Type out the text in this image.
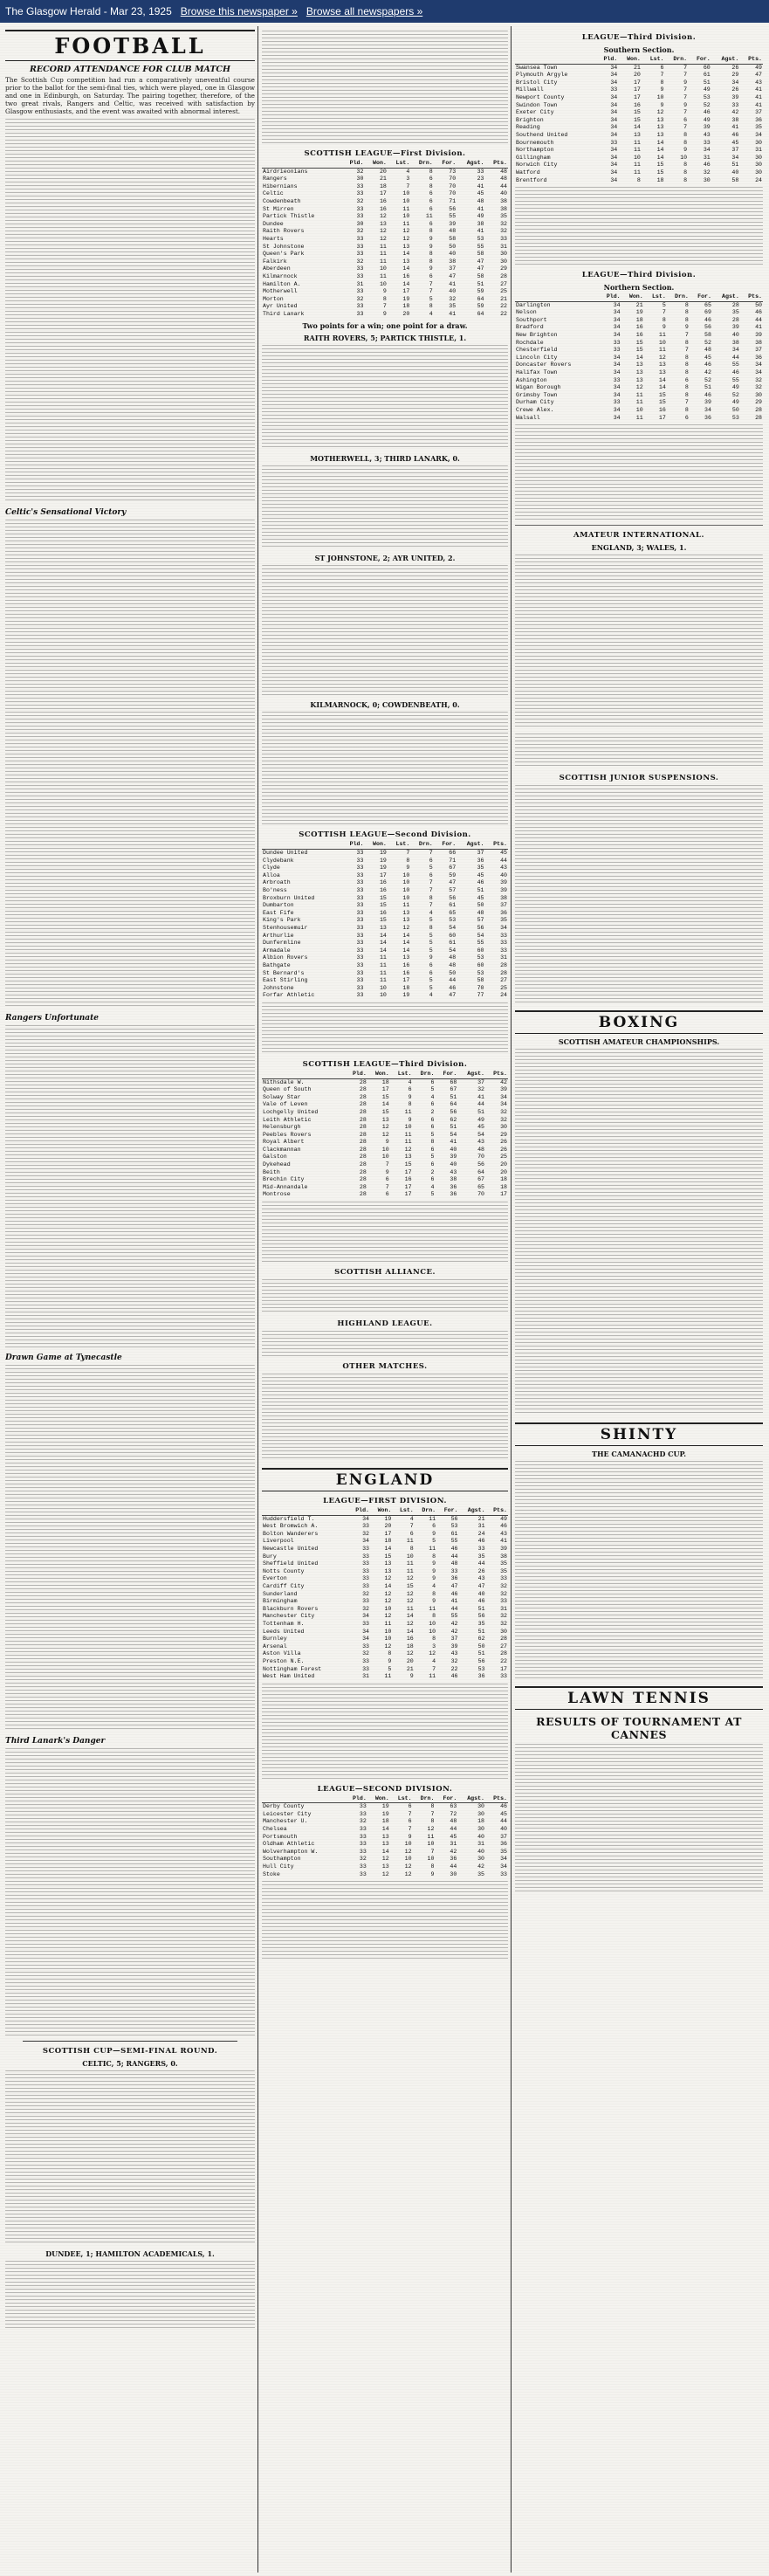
The Glasgow Herald - Mar 23, 1925 Browse this newspaper » Browse all newspapers »
FOOTBALL
RECORD ATTENDANCE FOR CLUB MATCH
The Scottish Cup competition had run a comparatively uneventful course prior to the ballot for the semi-final ties, which were played, one in Glasgow and one in Edinburgh, on Saturday. The pairing together, therefore, of the two great rivals, Rangers and Celtic, was received with satisfaction by Glasgow enthusiasts, and the event was awaited with abnormal interest.
Celtic's Sensational Victory
Rangers Unfortunate
Drawn Game at Tynecastle
Third Lanark's Danger
SCOTTISH CUP—SEMI-FINAL ROUND.
CELTIC, 5; RANGERS, 0.
DUNDEE, 1; HAMILTON ACADEMICALS, 1.
SCOTTISH LEAGUE—First Division.
	Pld.	Won.	Lst.	Drn.	For.	Agst.	Pts.
Airdrieonians	32	20	4	8	73	33	48
Rangers	30	21	3	6	70	23	48
Hibernians	33	18	7	8	70	41	44
Celtic	33	17	10	6	70	45	40
Cowdenbeath	32	16	10	6	71	48	38
St Mirren	33	16	11	6	56	41	38
Partick Thistle	33	12	10	11	55	49	35
Dundee	30	13	11	6	39	38	32
Raith Rovers	32	12	12	8	48	41	32
Hearts	33	12	12	9	58	53	33
St Johnstone	33	11	13	9	50	55	31
Queen's Park	33	11	14	8	40	58	30
Falkirk	32	11	13	8	38	47	30
Aberdeen	33	10	14	9	37	47	29
Kilmarnock	33	11	16	6	47	58	28
Hamilton A.	31	10	14	7	41	51	27
Motherwell	33	9	17	7	40	59	25
Morton	32	8	19	5	32	64	21
Ayr United	33	7	18	8	35	59	22
Third Lanark	33	9	20	4	41	64	22
Two points for a win; one point for a draw.
RAITH ROVERS, 5; PARTICK THISTLE, 1.
MOTHERWELL, 3; THIRD LANARK, 0.
ST JOHNSTONE, 2; AYR UNITED, 2.
KILMARNOCK, 0; COWDENBEATH, 0.
SCOTTISH LEAGUE—Second Division.
	Pld.	Won.	Lst.	Drn.	For.	Agst.	Pts.
Dundee United	33	19	7	7	66	37	45
Clydebank	33	19	8	6	71	36	44
Clyde	33	19	9	5	67	35	43
Alloa	33	17	10	6	59	45	40
Arbroath	33	16	10	7	47	46	39
Bo'ness	33	16	10	7	57	51	39
Broxburn United	33	15	10	8	56	45	38
Dumbarton	33	15	11	7	61	50	37
East Fife	33	16	13	4	65	48	36
King's Park	33	15	13	5	53	57	35
Stenhousemuir	33	13	12	8	54	56	34
Arthurlie	33	14	14	5	60	54	33
Dunfermline	33	14	14	5	61	55	33
Armadale	33	14	14	5	54	60	33
Albion Rovers	33	11	13	9	48	53	31
Bathgate	33	11	16	6	48	60	28
St Bernard's	33	11	16	6	50	53	28
East Stirling	33	11	17	5	44	58	27
Johnstone	33	10	18	5	46	70	25
Forfar Athletic	33	10	19	4	47	77	24
SCOTTISH LEAGUE—Third Division.
	Pld.	Won.	Lst.	Drn.	For.	Agst.	Pts.
Nithsdale W.	28	18	4	6	68	37	42
Queen of South	28	17	6	5	67	32	39
Solway Star	28	15	9	4	51	41	34
Vale of Leven	28	14	8	6	64	44	34
Lochgelly United	28	15	11	2	56	51	32
Leith Athletic	28	13	9	6	62	49	32
Helensburgh	28	12	10	6	51	45	30
Peebles Rovers	28	12	11	5	54	54	29
Royal Albert	28	9	11	8	41	43	26
Clackmannan	28	10	12	6	40	48	26
Galston	28	10	13	5	39	70	25
Dykehead	28	7	15	6	40	56	20
Beith	28	9	17	2	43	64	20
Brechin City	28	6	16	6	38	67	18
Mid-Annandale	28	7	17	4	36	65	18
Montrose	28	6	17	5	36	70	17
SCOTTISH ALLIANCE.
HIGHLAND LEAGUE.
OTHER MATCHES.
ENGLAND
LEAGUE—FIRST DIVISION.
	Pld.	Won.	Lst.	Drn.	For.	Agst.	Pts.
Huddersfield T.	34	19	4	11	56	21	49
West Bromwich A.	33	20	7	6	53	31	46
Bolton Wanderers	32	17	6	9	61	24	43
Liverpool	34	18	11	5	55	46	41
Newcastle United	33	14	8	11	46	33	39
Bury	33	15	10	8	44	35	38
Sheffield United	33	13	11	9	48	44	35
Notts County	33	13	11	9	33	26	35
Everton	33	12	12	9	36	43	33
Cardiff City	33	14	15	4	47	47	32
Sunderland	32	12	12	8	46	40	32
Birmingham	33	12	12	9	41	46	33
Blackburn Rovers	32	10	11	11	44	51	31
Manchester City	34	12	14	8	55	56	32
Tottenham H.	33	11	12	10	42	35	32
Leeds United	34	10	14	10	42	51	30
Burnley	34	10	16	8	37	62	28
Arsenal	33	12	18	3	39	50	27
Aston Villa	32	8	12	12	43	51	28
Preston N.E.	33	9	20	4	32	56	22
Nottingham Forest	33	5	21	7	22	53	17
West Ham United	31	11	9	11	46	36	33
LEAGUE—SECOND DIVISION.
	Pld.	Won.	Lst.	Drn.	For.	Agst.	Pts.
Derby County	33	19	6	8	63	30	46
Leicester City	33	19	7	7	72	30	45
Manchester U.	32	18	6	8	48	18	44
Chelsea	33	14	7	12	44	30	40
Portsmouth	33	13	9	11	45	40	37
Oldham Athletic	33	13	10	10	31	31	36
Wolverhampton W.	33	14	12	7	42	40	35
Southampton	32	12	10	10	36	30	34
Hull City	33	13	12	8	44	42	34
Stoke	33	12	12	9	30	35	33
LEAGUE—Third Division.
Southern Section.
	Pld.	Won.	Lst.	Drn.	For.	Agst.	Pts.
Swansea Town	34	21	6	7	60	26	49
Plymouth Argyle	34	20	7	7	61	29	47
Bristol City	34	17	8	9	51	34	43
Millwall	33	17	9	7	49	26	41
Newport County	34	17	10	7	53	39	41
Swindon Town	34	16	9	9	52	33	41
Exeter City	34	15	12	7	46	42	37
Brighton	34	15	13	6	49	38	36
Reading	34	14	13	7	39	41	35
Southend United	34	13	13	8	43	46	34
Bournemouth	33	11	14	8	33	45	30
Northampton	34	11	14	9	34	37	31
Gillingham	34	10	14	10	31	34	30
Norwich City	34	11	15	8	46	51	30
Watford	34	11	15	8	32	40	30
Brentford	34	8	18	8	30	58	24
LEAGUE—Third Division.
Northern Section.
	Pld.	Won.	Lst.	Drn.	For.	Agst.	Pts.
Darlington	34	21	5	8	65	28	50
Nelson	34	19	7	8	69	35	46
Southport	34	18	8	8	46	28	44
Bradford	34	16	9	9	56	39	41
New Brighton	34	16	11	7	58	40	39
Rochdale	33	15	10	8	52	38	38
Chesterfield	33	15	11	7	48	34	37
Lincoln City	34	14	12	8	45	44	36
Doncaster Rovers	34	13	13	8	46	55	34
Halifax Town	34	13	13	8	42	46	34
Ashington	33	13	14	6	52	55	32
Wigan Borough	34	12	14	8	51	49	32
Grimsby Town	34	11	15	8	46	52	30
Durham City	33	11	15	7	39	49	29
Crewe Alex.	34	10	16	8	34	50	28
Walsall	34	11	17	6	36	53	28
AMATEUR INTERNATIONAL.
ENGLAND, 3; WALES, 1.
SCOTTISH JUNIOR SUSPENSIONS.
BOXING
SCOTTISH AMATEUR CHAMPIONSHIPS.
SHINTY
THE CAMANACHD CUP.
LAWN TENNIS
RESULTS OF TOURNAMENT AT CANNES
